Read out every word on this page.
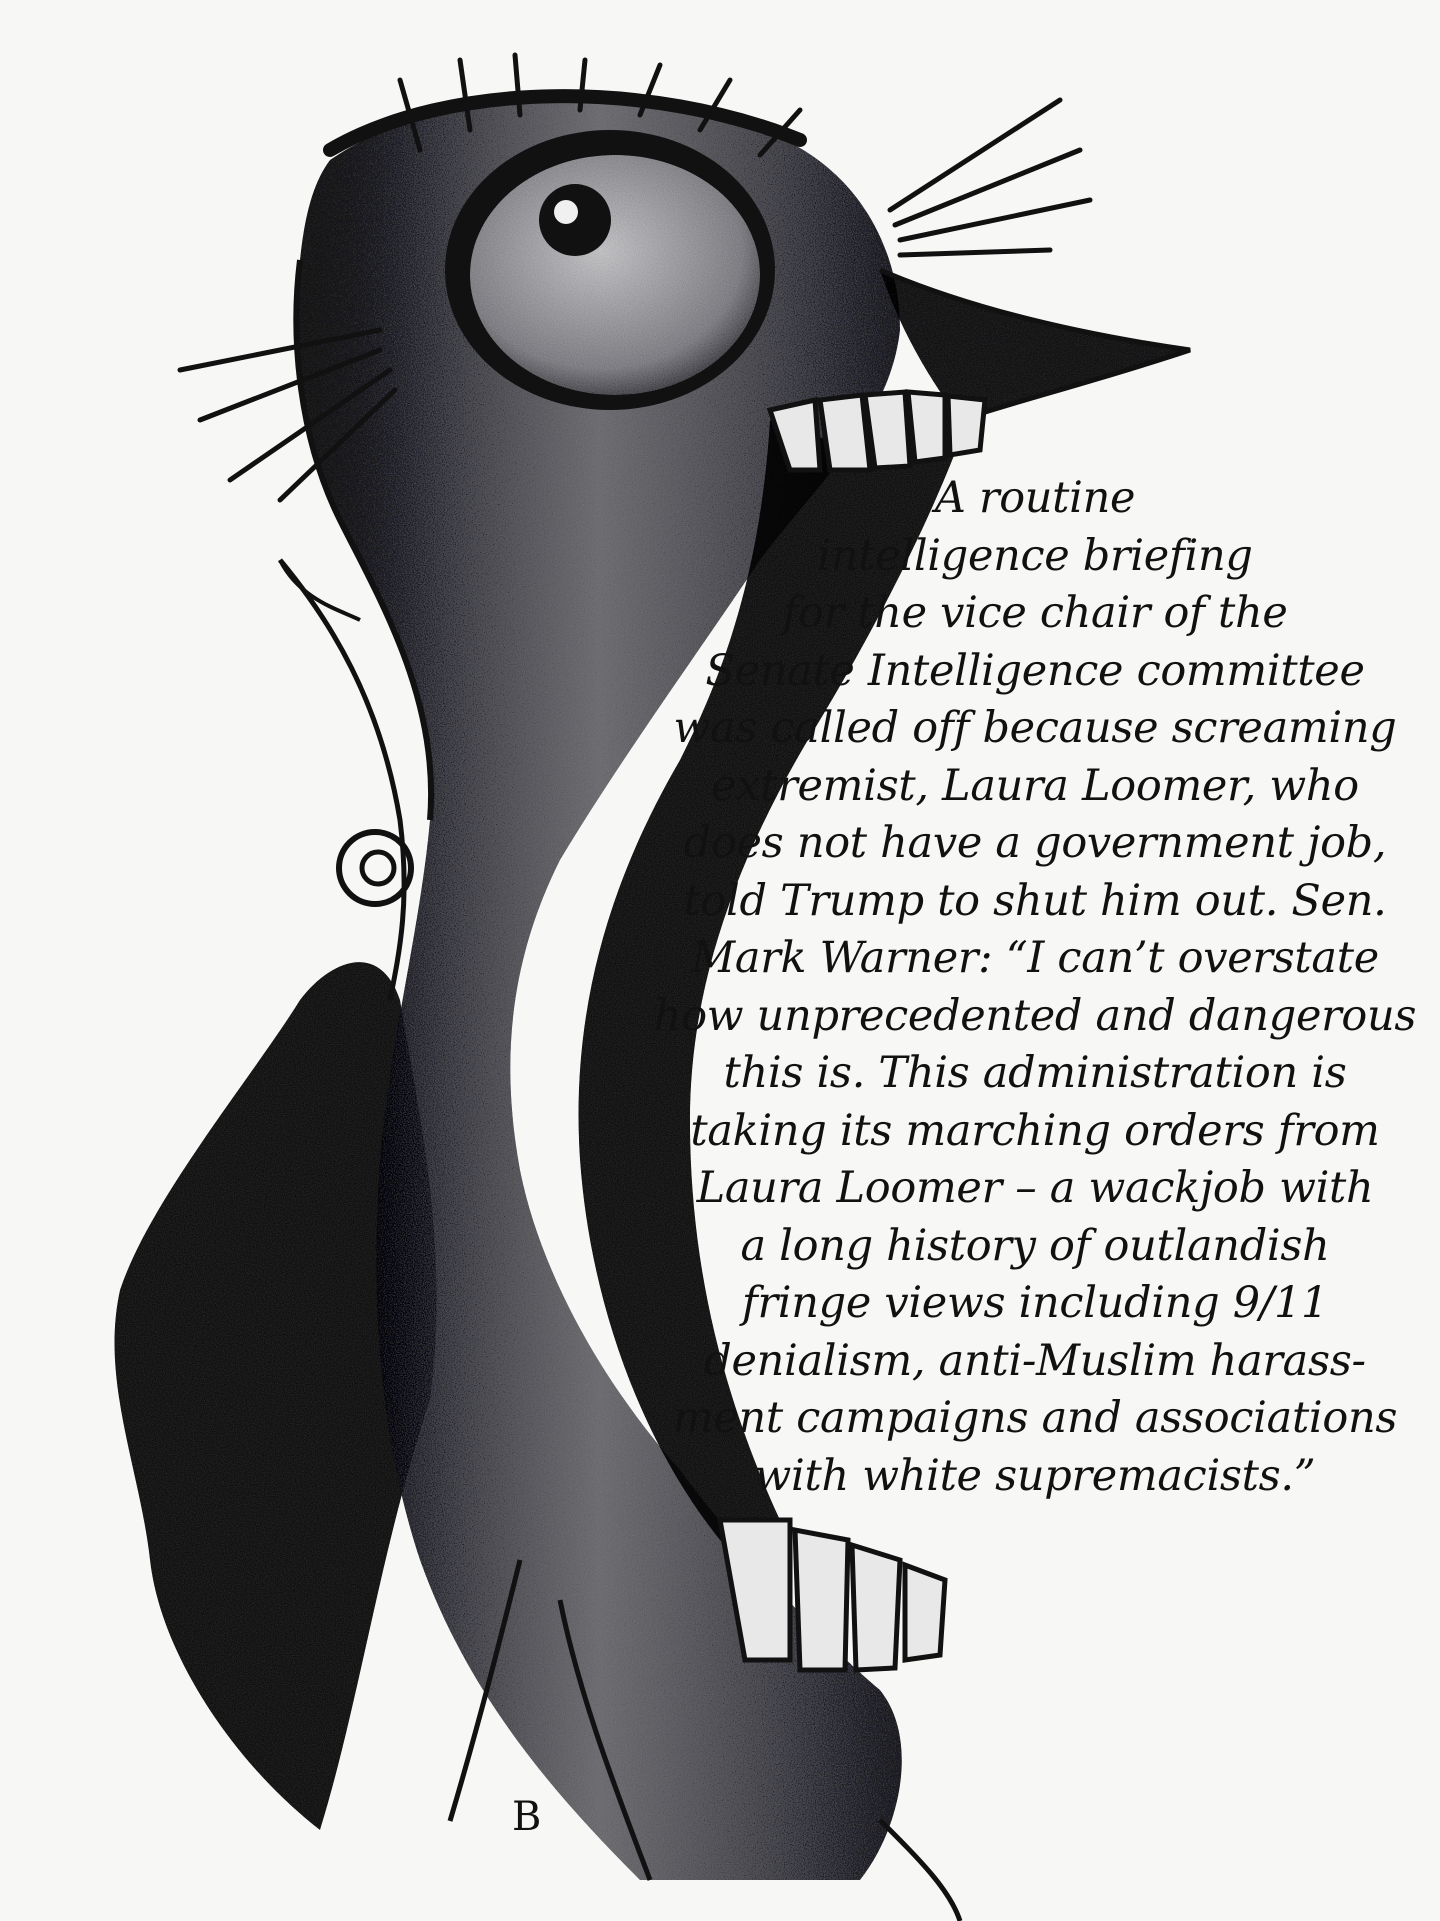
B
A routine
intelligence briefing
for the vice chair of the
Senate Intelligence committee
was called off because screaming
extremist, Laura Loomer, who
does not have a government job,
told Trump to shut him out. Sen.
Mark Warner: “I can’t overstate
how unprecedented and dangerous
this is. This administration is
taking its marching orders from
Laura Loomer – a wackjob with
a long history of outlandish
fringe views including 9/11
denialism, anti-Muslim harass-
ment campaigns and associations
with white supremacists.”
